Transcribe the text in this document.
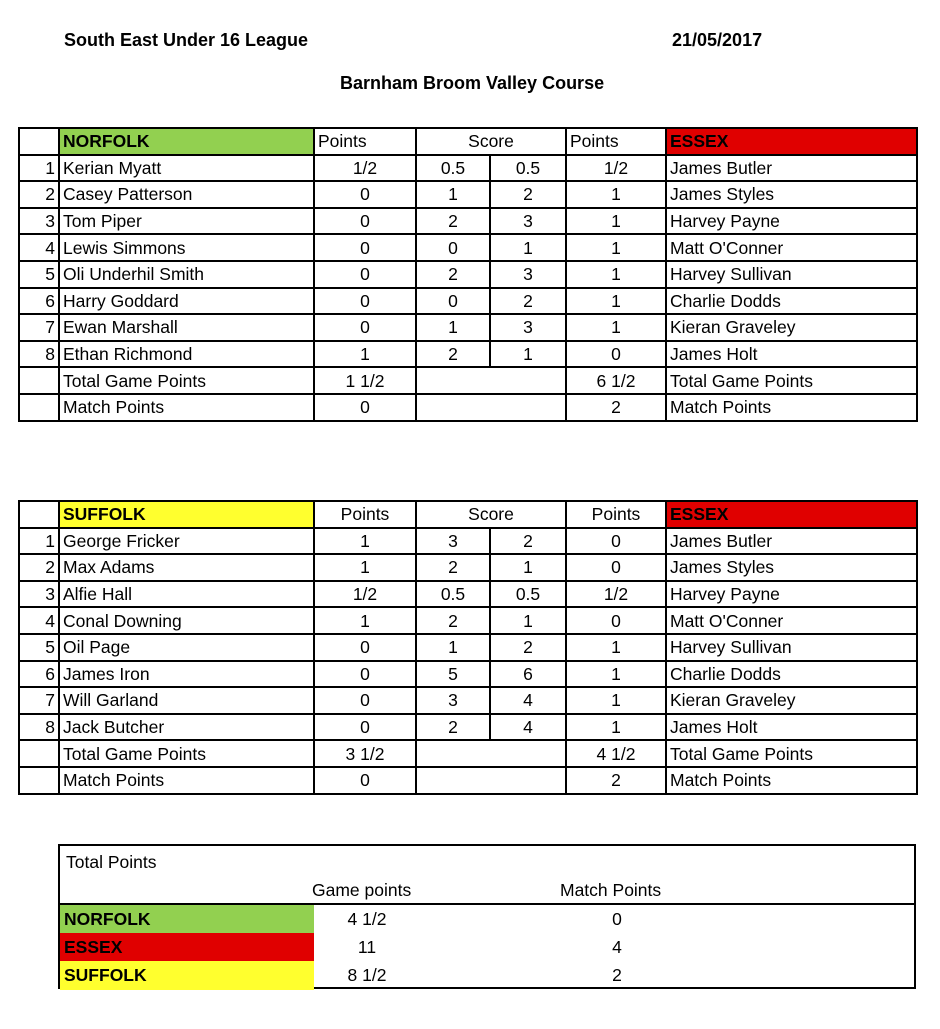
South East Under 16 League	21/05/2017
Barnham Broom Valley Course
	NORFOLK	Points	Score		Points	ESSEX
1	Kerian Myatt	1/2	0.5	0.5	1/2	James Butler
2	Casey Patterson	0	1	2	1	James Styles
3	Tom Piper	0	2	3	1	Harvey Payne
4	Lewis Simmons	0	0	1	1	Matt O'Conner
5	Oli Underhil Smith	0	2	3	1	Harvey Sullivan
6	Harry Goddard	0	0	2	1	Charlie Dodds
7	Ewan Marshall	0	1	3	1	Kieran Graveley
8	Ethan Richmond	1	2	1	0	James Holt
	Total Game Points	1 1/2			6 1/2	Total Game Points
	Match Points	0			2	Match Points
	SUFFOLK	Points	Score		Points	ESSEX
1	George Fricker	1	3	2	0	James Butler
2	Max Adams	1	2	1	0	James Styles
3	Alfie Hall	1/2	0.5	0.5	1/2	Harvey Payne
4	Conal Downing	1	2	1	0	Matt O'Conner
5	Oil Page	0	1	2	1	Harvey Sullivan
6	James Iron	0	5	6	1	Charlie Dodds
7	Will Garland	0	3	4	1	Kieran Graveley
8	Jack Butcher	0	2	4	1	James Holt
	Total Game Points	3 1/2			4 1/2	Total Game Points
	Match Points	0			2	Match Points
Total Points
Game points	Match Points
NORFOLK	4 1/2	0
ESSEX	11	4
SUFFOLK	8 1/2	2
